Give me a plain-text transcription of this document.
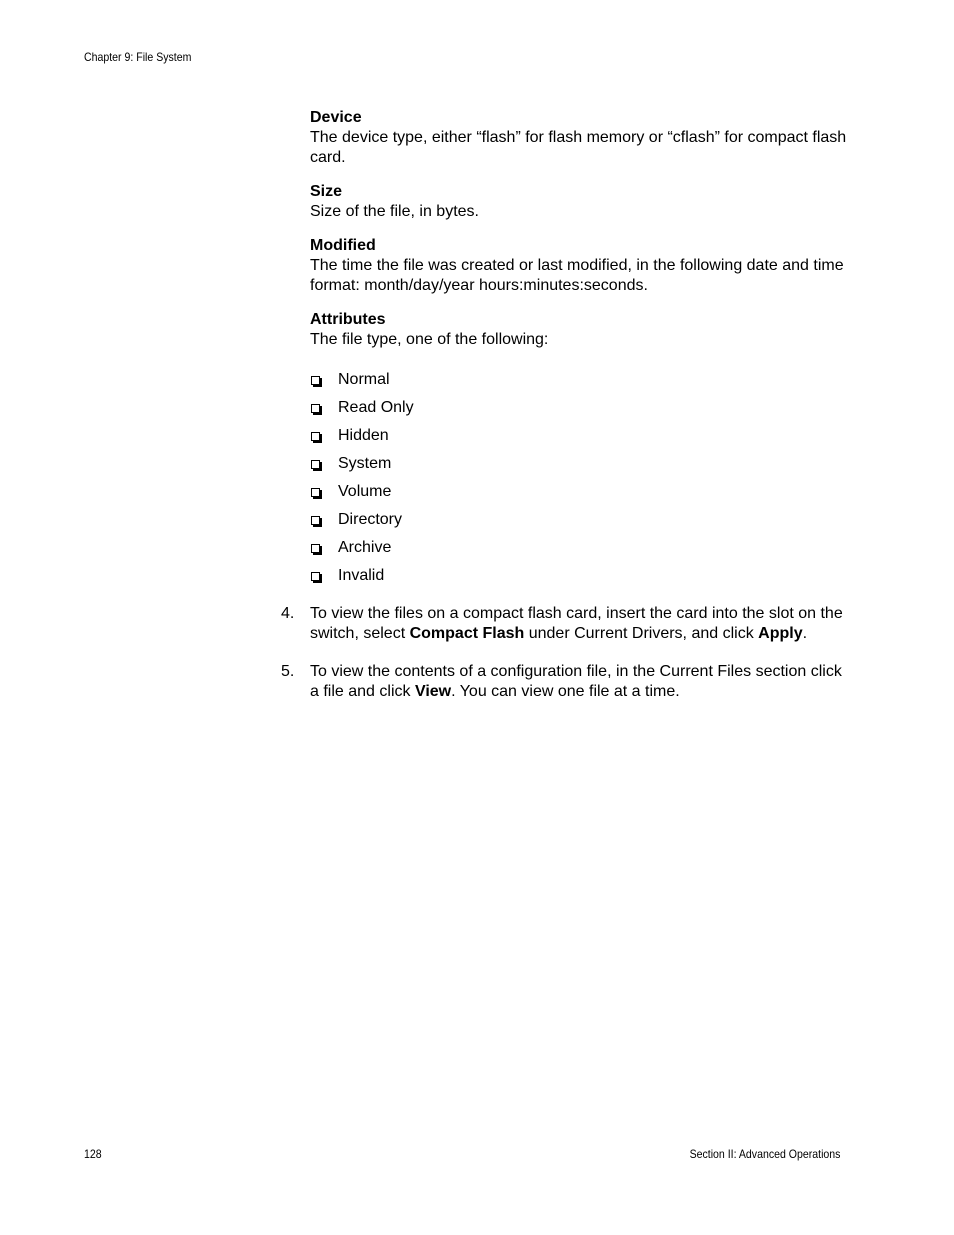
Chapter 9: File System
Device
The device type, either “flash” for flash memory or “cflash” for compact flash card.
Size
Size of the file, in bytes.
Modified
The time the file was created or last modified, in the following date and time format: month/day/year hours:minutes:seconds.
Attributes
The file type, one of the following:
Normal
Read Only
Hidden
System
Volume
Directory
Archive
Invalid
4. To view the files on a compact flash card, insert the card into the slot on the switch, select Compact Flash under Current Drivers, and click Apply.
5. To view the contents of a configuration file, in the Current Files section click a file and click View. You can view one file at a time.
128	Section II: Advanced Operations
